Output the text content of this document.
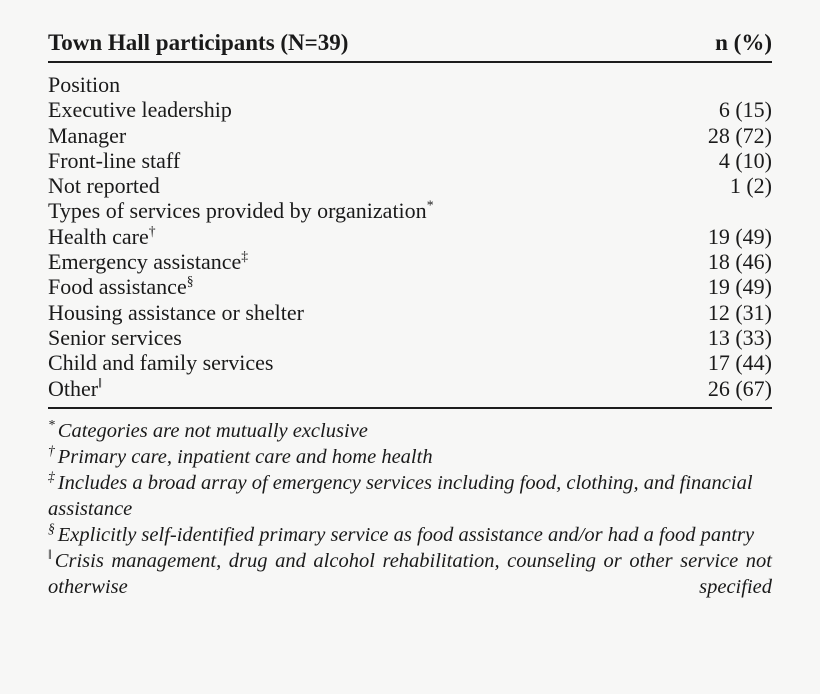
Town Hall participants (N=39)	n (%)
Position
Executive leadership	6 (15)
Manager	28 (72)
Front-line staff	4 (10)
Not reported	1 (2)
Types of services provided by organization*
Health care†	19 (49)
Emergency assistance‡	18 (46)
Food assistance§	19 (49)
Housing assistance or shelter	12 (31)
Senior services	13 (33)
Child and family services	17 (44)
Other‖	26 (67)

* Categories are not mutually exclusive

† Primary care, inpatient care and home health

‡ Includes a broad array of emergency services including food, clothing, and financial assistance

§ Explicitly self-identified primary service as food assistance and/or had a food pantry

‖ Crisis management, drug and alcohol rehabilitation, counseling or other service not otherwise specified
